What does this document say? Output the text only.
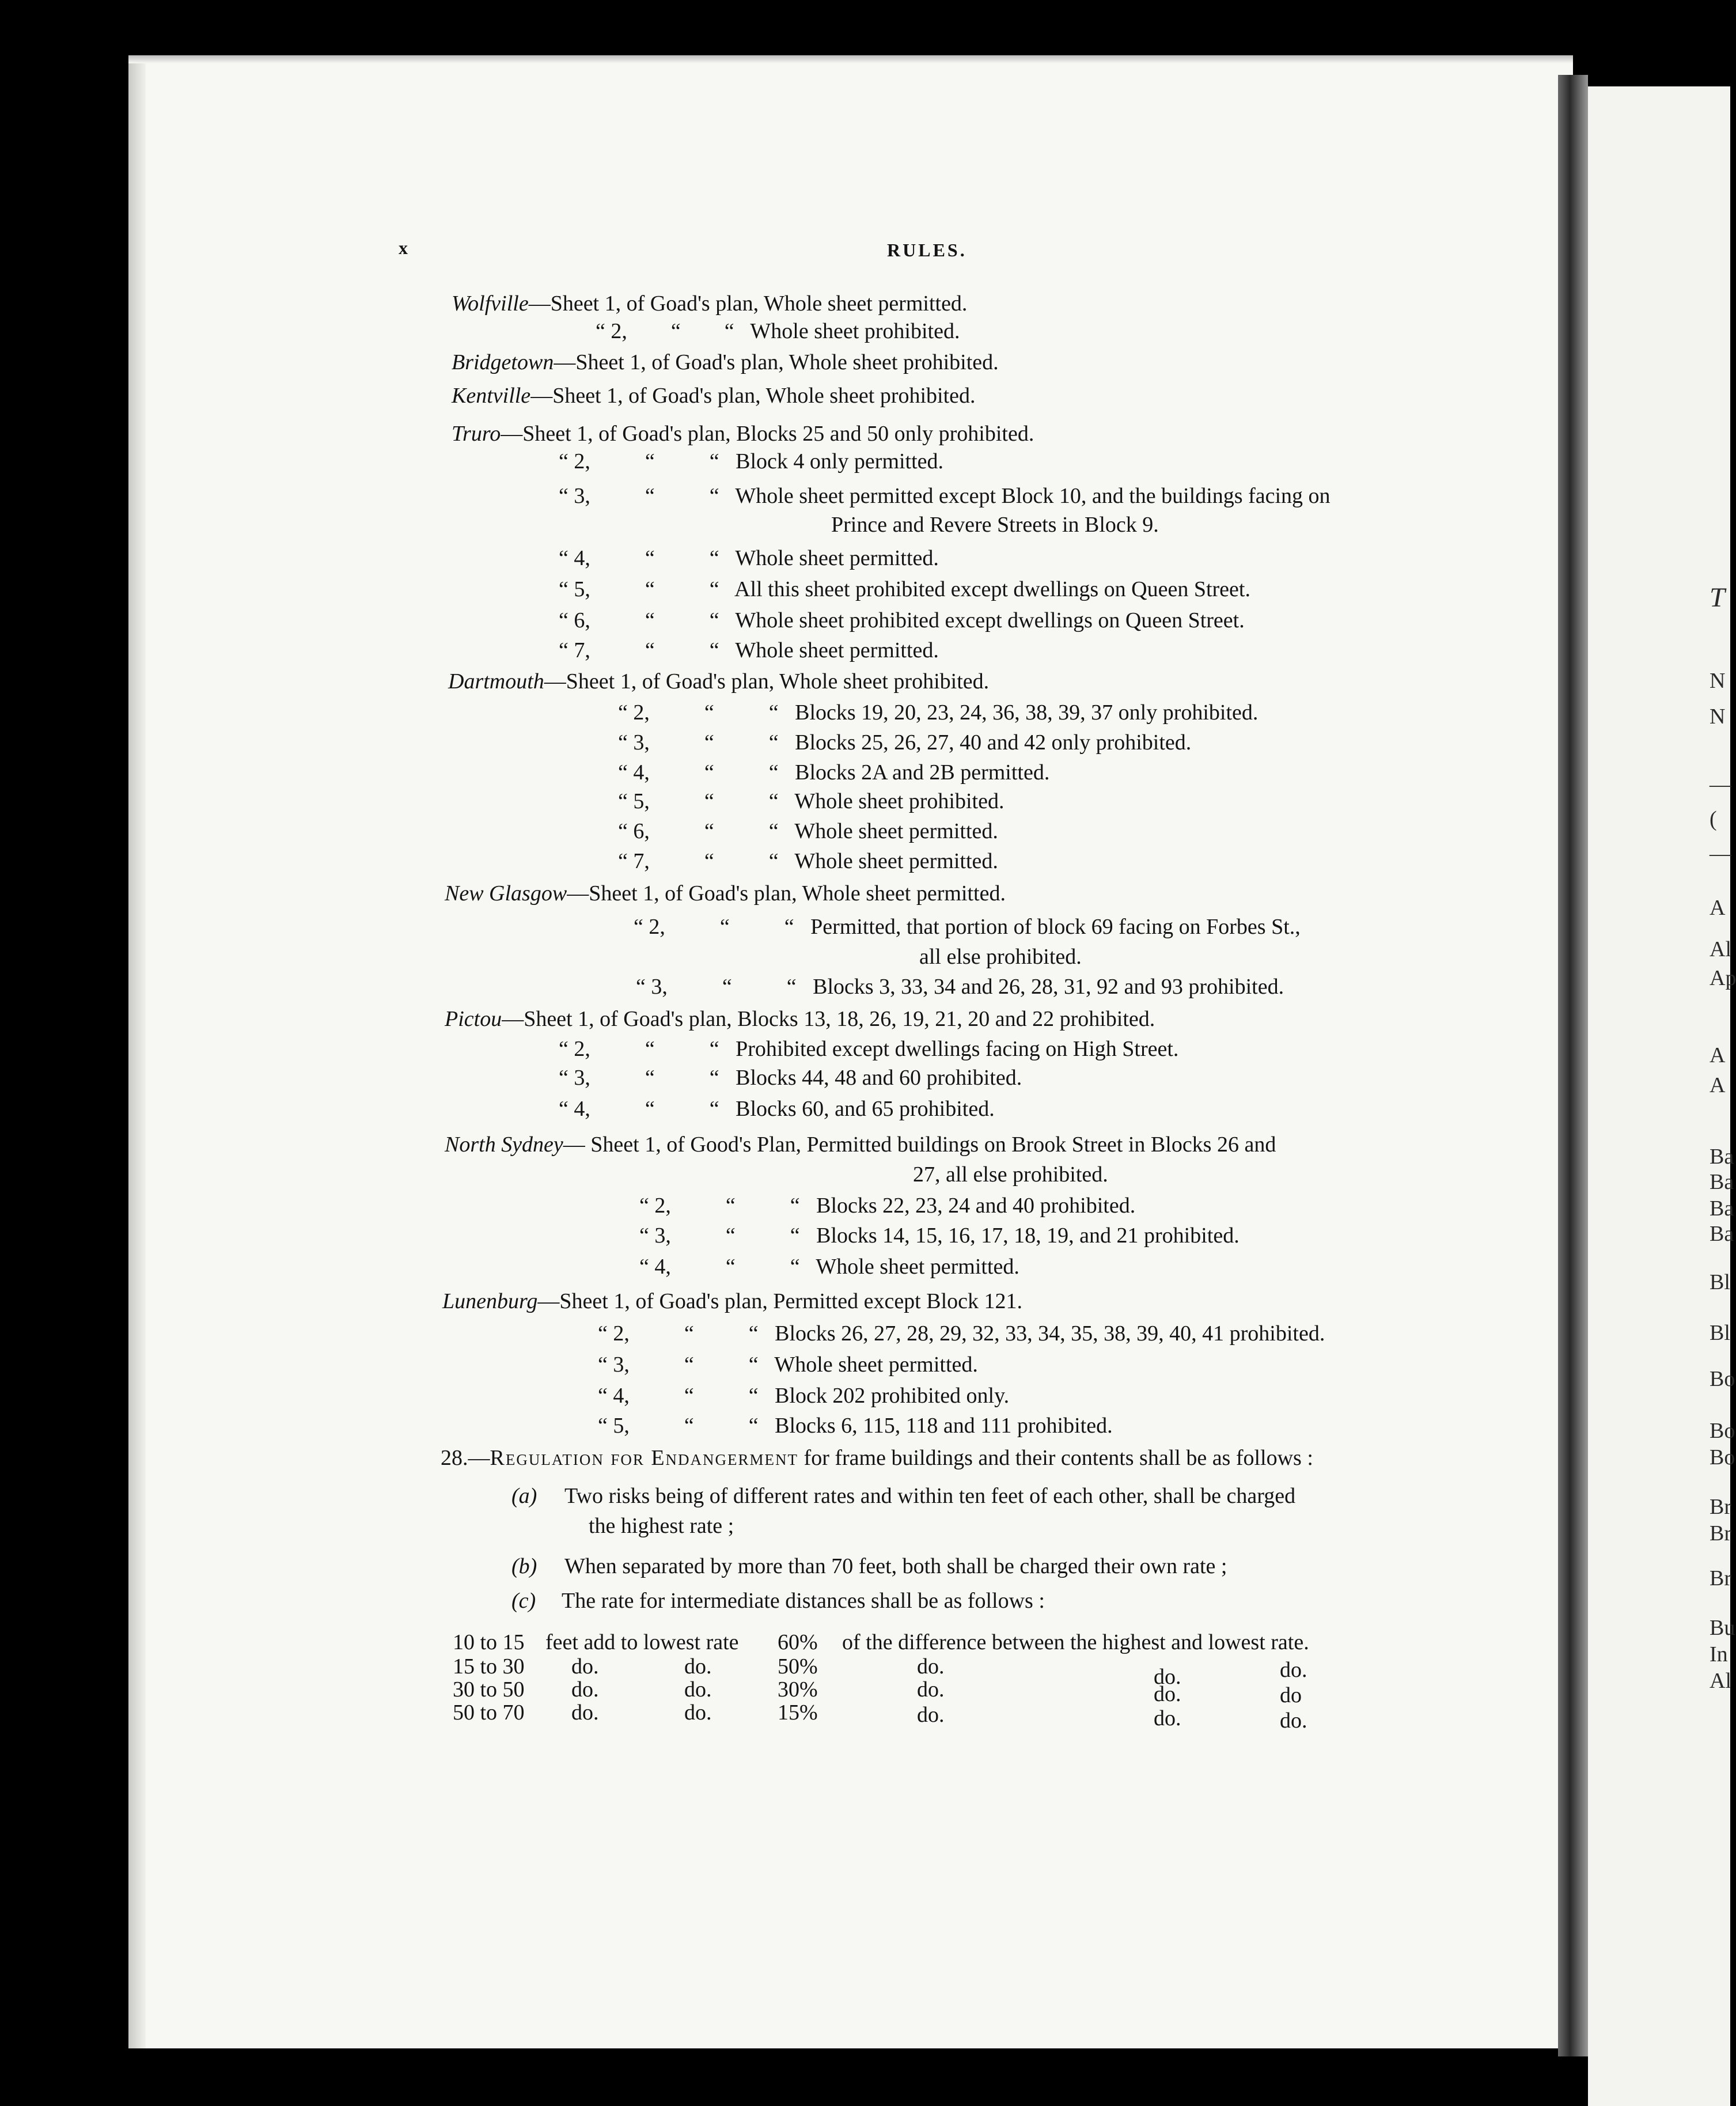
x	RULES.
Wolfville—Sheet 1, of Goad's plan, Whole sheet permitted.
“ 2,        “        “   Whole sheet prohibited.
Bridgetown—Sheet 1, of Goad's plan, Whole sheet prohibited.
Kentville—Sheet 1, of Goad's plan, Whole sheet prohibited.
Truro—Sheet 1, of Goad's plan, Blocks 25 and 50 only prohibited.
“ 2,          “          “   Block 4 only permitted.
“ 3,          “          “   Whole sheet permitted except Block 10, and the buildings facing on
Prince and Revere Streets in Block 9.
“ 4,          “          “   Whole sheet permitted.
“ 5,          “          “   All this sheet prohibited except dwellings on Queen Street.
“ 6,          “          “   Whole sheet prohibited except dwellings on Queen Street.
“ 7,          “          “   Whole sheet permitted.
Dartmouth—Sheet 1, of Goad's plan, Whole sheet prohibited.
“ 2,          “          “   Blocks 19, 20, 23, 24, 36, 38, 39, 37 only prohibited.
“ 3,          “          “   Blocks 25, 26, 27, 40 and 42 only prohibited.
“ 4,          “          “   Blocks 2A and 2B permitted.
“ 5,          “          “   Whole sheet prohibited.
“ 6,          “          “   Whole sheet permitted.
“ 7,          “          “   Whole sheet permitted.
New Glasgow—Sheet 1, of Goad's plan, Whole sheet permitted.
“ 2,          “          “   Permitted, that portion of block 69 facing on Forbes St.,
all else prohibited.
“ 3,          “          “   Blocks 3, 33, 34 and 26, 28, 31, 92 and 93 prohibited.
Pictou—Sheet 1, of Goad's plan, Blocks 13, 18, 26, 19, 21, 20 and 22 prohibited.
“ 2,          “          “   Prohibited except dwellings facing on High Street.
“ 3,          “          “   Blocks 44, 48 and 60 prohibited.
“ 4,          “          “   Blocks 60, and 65 prohibited.
North Sydney— Sheet 1, of Good's Plan, Permitted buildings on Brook Street in Blocks 26 and
27, all else prohibited.
“ 2,          “          “   Blocks 22, 23, 24 and 40 prohibited.
“ 3,          “          “   Blocks 14, 15, 16, 17, 18, 19, and 21 prohibited.
“ 4,          “          “   Whole sheet permitted.
Lunenburg—Sheet 1, of Goad's plan, Permitted except Block 121.
“ 2,          “          “   Blocks 26, 27, 28, 29, 32, 33, 34, 35, 38, 39, 40, 41 prohibited.
“ 3,          “          “   Whole sheet permitted.
“ 4,          “          “   Block 202 prohibited only.
“ 5,          “          “   Blocks 6, 115, 118 and 111 prohibited.
28.—Regulation for Endangerment for frame buildings and their contents shall be as follows :
(a) Two risks being of different rates and within ten feet of each other, shall be charged
the highest rate ;
(b) When separated by more than 70 feet, both shall be charged their own rate ;
(c) The rate for intermediate distances shall be as follows :
10 to 15 feet add to lowest rate 60% of the difference between the highest and lowest rate.
15 to 30 do.	do.	50%	do.	do.	do.
30 to 50 do.	do.	30%	do.	do.	do
50 to 70 do.	do.	15%	do.	do.	do.
T
N
N
—
(
—
A
Al
Ap
A
A
Ba
Ba
Ba
Ba
Bl
Bl
Bo
Bo
Bo
Br
Br
Br
Bu
In
Al
